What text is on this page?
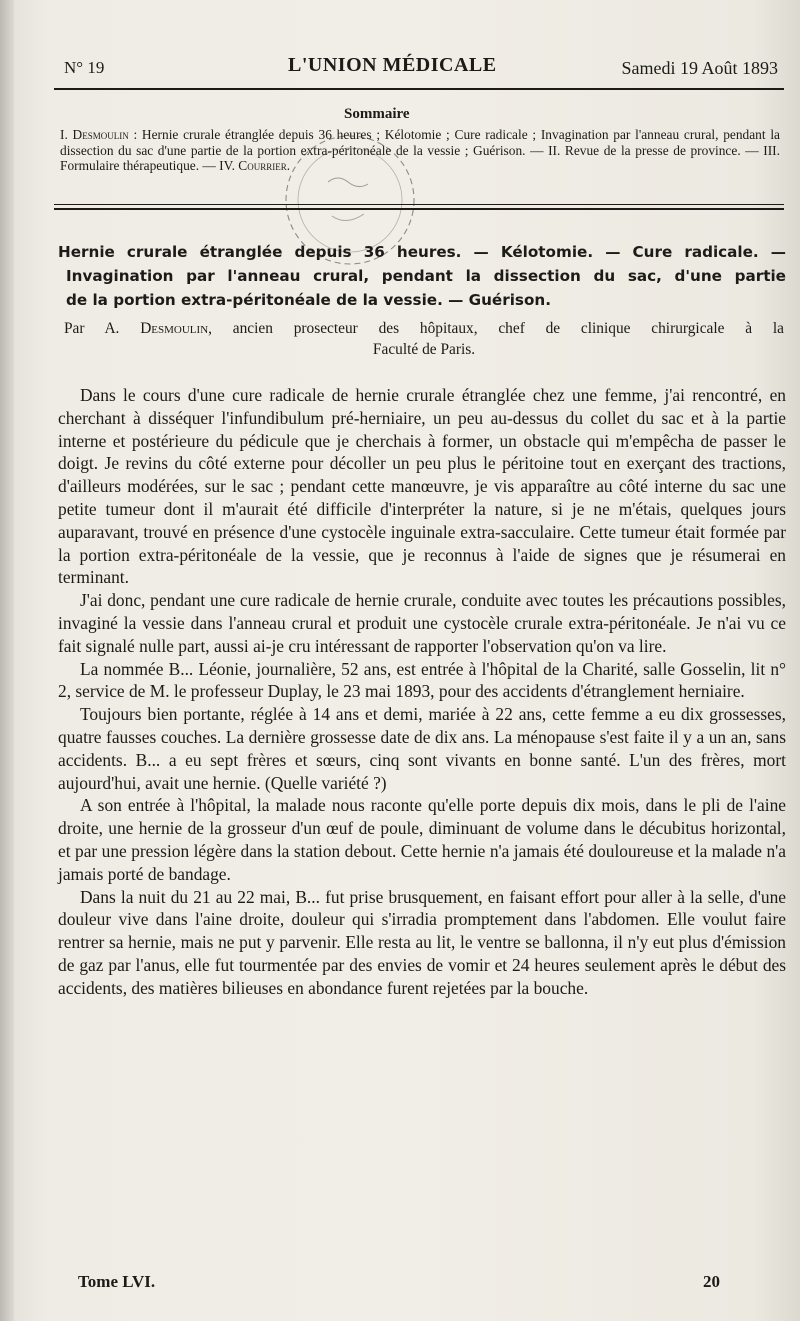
N° 19	L'UNION MÉDICALE	Samedi 19 Août 1893
Sommaire
I. Desmoulin : Hernie crurale étranglée depuis 36 heures ; Kélotomie ; Cure radicale ; Invagination par l'anneau crural, pendant la dissection du sac d'une partie de la portion extra-péritonéale de la vessie ; Guérison. — II. Revue de la presse de province. — III. Formulaire thérapeutique. — IV. Courrier.
Hernie crurale étranglée depuis 36 heures. — Kélotomie. — Cure radicale. —
Invagination par l'anneau crural, pendant la dissection du sac, d'une partie
de la portion extra-péritonéale de la vessie. — Guérison.
Par A. Desmoulin, ancien prosecteur des hôpitaux, chef de clinique chirurgicale à la
Faculté de Paris.

Dans le cours d'une cure radicale de hernie crurale étranglée chez une femme, j'ai rencontré, en cherchant à disséquer l'infundibulum pré-herniaire, un peu au-dessus du collet du sac et à la partie interne et postérieure du pédicule que je cherchais à former, un obstacle qui m'empêcha de passer le doigt. Je revins du côté externe pour décoller un peu plus le péritoine tout en exerçant des tractions, d'ailleurs modérées, sur le sac ; pendant cette manœuvre, je vis apparaître au côté interne du sac une petite tumeur dont il m'aurait été difficile d'interpréter la nature, si je ne m'étais, quelques jours auparavant, trouvé en présence d'une cystocèle inguinale extra-sacculaire. Cette tumeur était formée par la portion extra-péritonéale de la vessie, que je reconnus à l'aide de signes que je résumerai en terminant.

J'ai donc, pendant une cure radicale de hernie crurale, conduite avec toutes les précautions possibles, invaginé la vessie dans l'anneau crural et produit une cystocèle crurale extra-péritonéale. Je n'ai vu ce fait signalé nulle part, aussi ai-je cru intéressant de rapporter l'observation qu'on va lire.

La nommée B... Léonie, journalière, 52 ans, est entrée à l'hôpital de la Charité, salle Gosselin, lit n° 2, service de M. le professeur Duplay, le 23 mai 1893, pour des accidents d'étranglement herniaire.

Toujours bien portante, réglée à 14 ans et demi, mariée à 22 ans, cette femme a eu dix grossesses, quatre fausses couches. La dernière grossesse date de dix ans. La ménopause s'est faite il y a un an, sans accidents. B... a eu sept frères et sœurs, cinq sont vivants en bonne santé. L'un des frères, mort aujourd'hui, avait une hernie. (Quelle variété ?)

A son entrée à l'hôpital, la malade nous raconte qu'elle porte depuis dix mois, dans le pli de l'aine droite, une hernie de la grosseur d'un œuf de poule, diminuant de volume dans le décubitus horizontal, et par une pression légère dans la station debout. Cette hernie n'a jamais été douloureuse et la malade n'a jamais porté de bandage.

Dans la nuit du 21 au 22 mai, B... fut prise brusquement, en faisant effort pour aller à la selle, d'une douleur vive dans l'aine droite, douleur qui s'irradia promptement dans l'abdomen. Elle voulut faire rentrer sa hernie, mais ne put y parvenir. Elle resta au lit, le ventre se ballonna, il n'y eut plus d'émission de gaz par l'anus, elle fut tourmentée par des envies de vomir et 24 heures seulement après le début des accidents, des matières bilieuses en abondance furent rejetées par la bouche.

Tome LVI.	20
